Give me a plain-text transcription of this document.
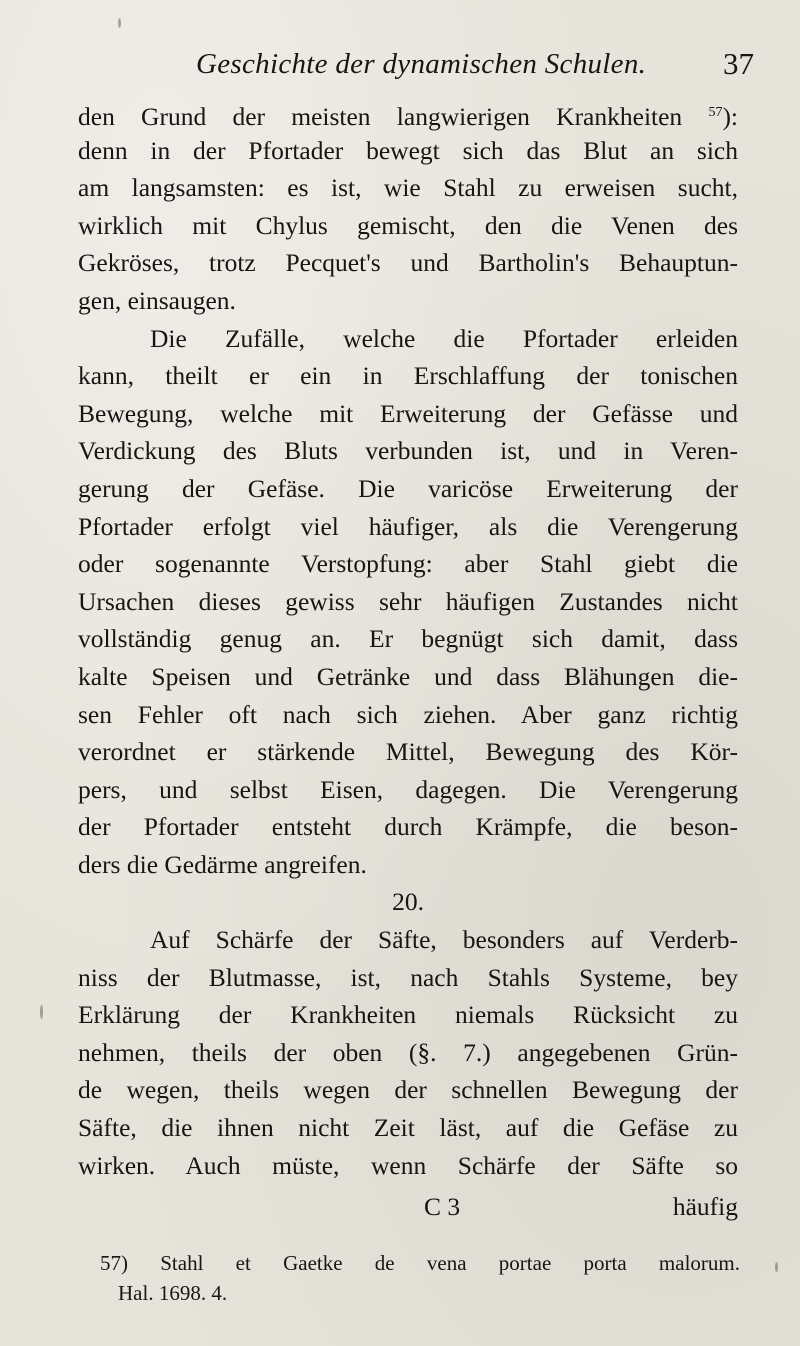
Geschichte der dynamischen Schulen. 37
den Grund der meisten langwierigen Krankheiten $^{57}$):
denn in der Pfortader bewegt sich das Blut an sich
am langsamsten: es ist, wie Stahl zu erweisen sucht,
wirklich mit Chylus gemischt, den die Venen des
Gekröses, trotz Pecquet's und Bartholin's Behauptun-
gen, einsaugen.
Die Zufälle, welche die Pfortader erleiden
kann, theilt er ein in Erschlaffung der tonischen
Bewegung, welche mit Erweiterung der Gefässe und
Verdickung des Bluts verbunden ist, und in Veren-
gerung der Gefäse. Die varicöse Erweiterung der
Pfortader erfolgt viel häufiger, als die Verengerung
oder sogenannte Verstopfung: aber Stahl giebt die
Ursachen dieses gewiss sehr häufigen Zustandes nicht
vollständig genug an. Er begnügt sich damit, dass
kalte Speisen und Getränke und dass Blähungen die-
sen Fehler oft nach sich ziehen. Aber ganz richtig
verordnet er stärkende Mittel, Bewegung des Kör-
pers, und selbst Eisen, dagegen. Die Verengerung
der Pfortader entsteht durch Krämpfe, die beson-
ders die Gedärme angreifen.
20.
Auf Schärfe der Säfte, besonders auf Verderb-
niss der Blutmasse, ist, nach Stahls Systeme, bey
Erklärung der Krankheiten niemals Rücksicht zu
nehmen, theils der oben (§. 7.) angegebenen Grün-
de wegen, theils wegen der schnellen Bewegung der
Säfte, die ihnen nicht Zeit läst, auf die Gefäse zu
wirken. Auch müste, wenn Schärfe der Säfte so
C 3	häufig
57) Stahl et Gaetke de vena portae porta malorum.
Hal. 1698. 4.
